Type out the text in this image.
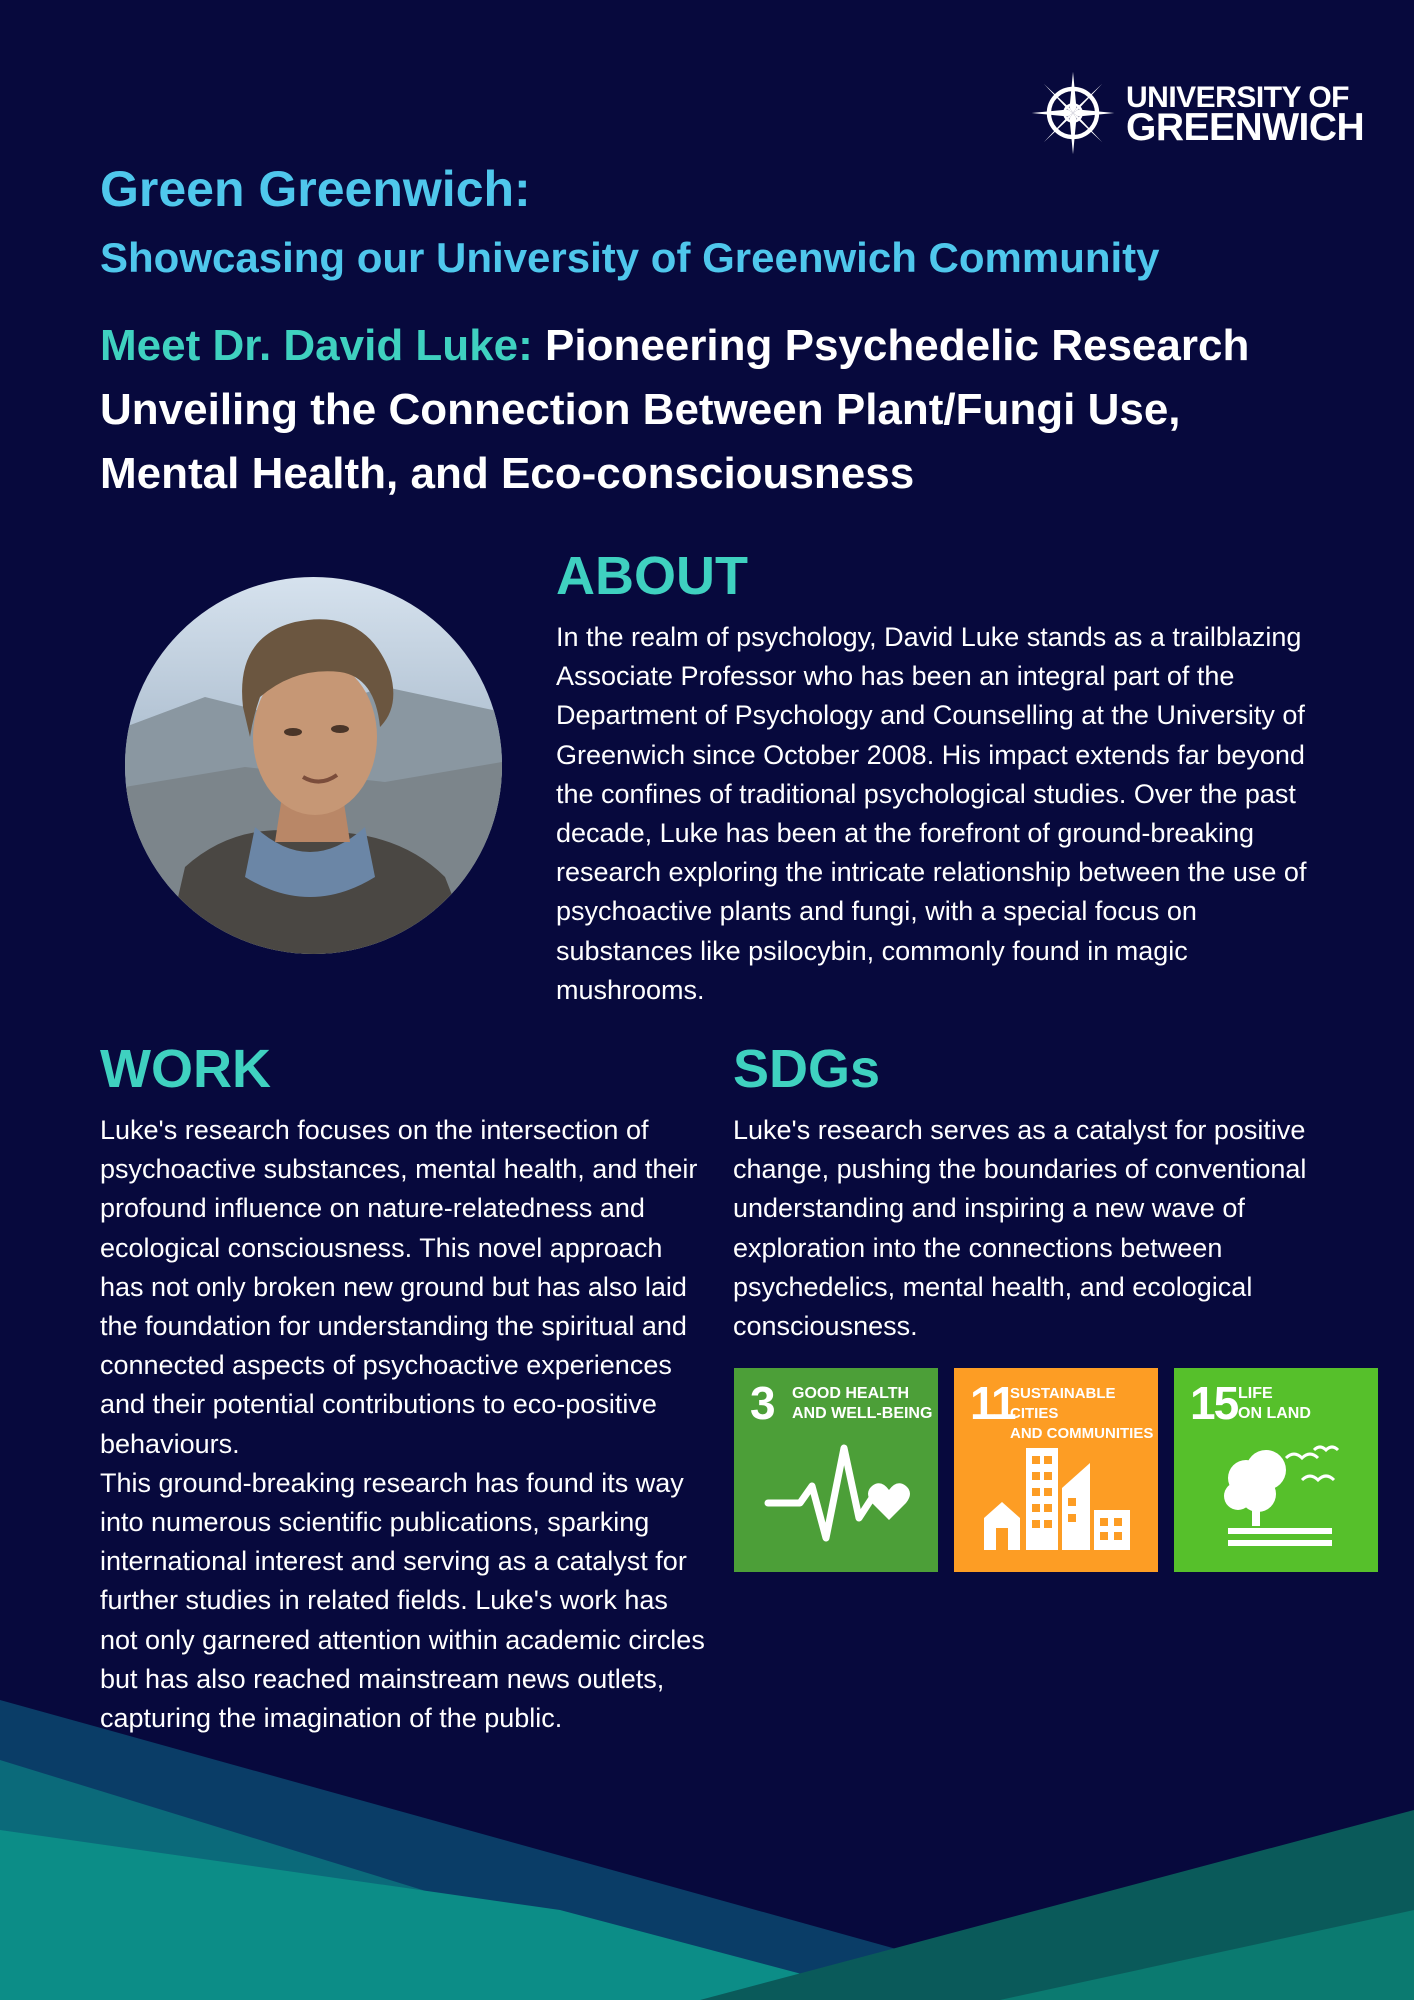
UNIVERSITY OF
GREENWICH
Green Greenwich:
Showcasing our University of Greenwich Community
Meet Dr. David Luke: Pioneering Psychedelic Research Unveiling the Connection Between Plant/Fungi Use, Mental Health, and Eco-consciousness
ABOUT

In the realm of psychology, David Luke stands as a trailblazing Associate Professor who has been an integral part of the Department of Psychology and Counselling at the University of Greenwich since October 2008. His impact extends far beyond the confines of traditional psychological studies. Over the past decade, Luke has been at the forefront of ground-breaking research exploring the intricate relationship between the use of psychoactive plants and fungi, with a special focus on substances like psilocybin, commonly found in magic mushrooms.

WORK

Luke's research focuses on the intersection of psychoactive substances, mental health, and their profound influence on nature-relatedness and ecological consciousness. This novel approach has not only broken new ground but has also laid the foundation for understanding the spiritual and connected aspects of psychoactive experiences and their potential contributions to eco-positive behaviours.

This ground-breaking research has found its way into numerous scientific publications, sparking international interest and serving as a catalyst for further studies in related fields. Luke's work has not only garnered attention within academic circles but has also reached mainstream news outlets, capturing the imagination of the public.

SDGs

Luke's research serves as a catalyst for positive change, pushing the boundaries of conventional understanding and inspiring a new wave of exploration into the connections between psychedelics, mental health, and ecological consciousness.

3 GOOD HEALTH
AND WELL-BEING 11
SUSTAINABLE CITIES
AND COMMUNITIES
15 LIFE
ON LAND
